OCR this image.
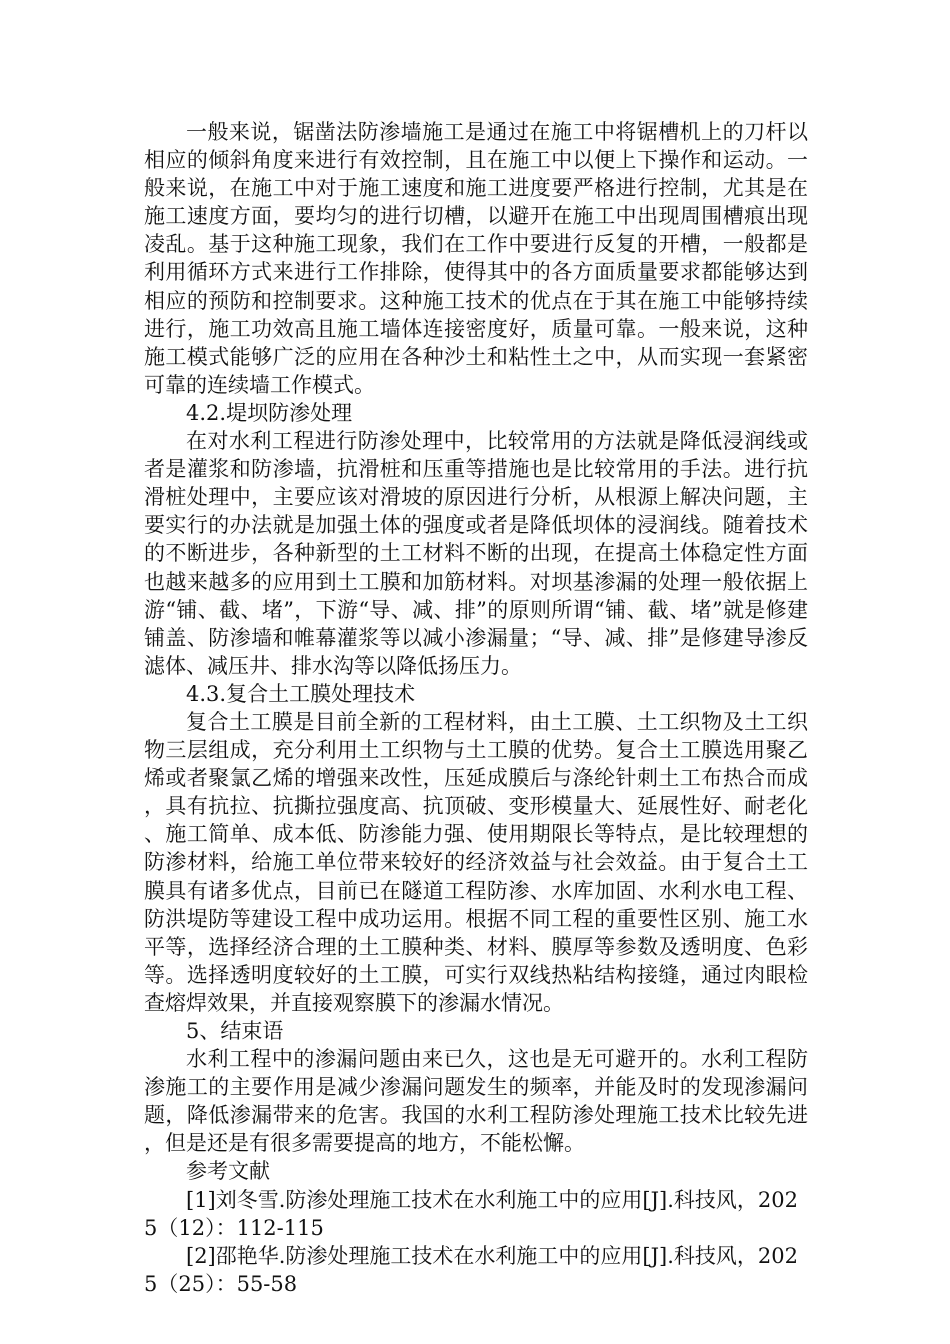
一般来说，锯凿法防渗墙施工是通过在施工中将锯槽机上的刀杆以相应的倾斜角度来进行有效控制，且在施工中以便上下操作和运动。一般来说，在施工中对于施工速度和施工进度要严格进行控制，尤其是在施工速度方面，要均匀的进行切槽，以避开在施工中出现周围槽痕出现凌乱。基于这种施工现象，我们在工作中要进行反复的开槽，一般都是利用循环方式来进行工作排除，使得其中的各方面质量要求都能够达到相应的预防和控制要求。这种施工技术的优点在于其在施工中能够持续进行，施工功效高且施工墙体连接密度好，质量可靠。一般来说，这种施工模式能够广泛的应用在各种沙土和粘性土之中，从而实现一套紧密可靠的连续墙工作模式。

4.2.堤坝防渗处理

在对水利工程进行防渗处理中，比较常用的方法就是降低浸润线或者是灌浆和防渗墙，抗滑桩和压重等措施也是比较常用的手法。进行抗滑桩处理中，主要应该对滑坡的原因进行分析，从根源上解决问题，主要实行的办法就是加强土体的强度或者是降低坝体的浸润线。随着技术的不断进步，各种新型的土工材料不断的出现，在提高土体稳定性方面也越来越多的应用到土工膜和加筋材料。对坝基渗漏的处理一般依据上游“铺、截、堵”，下游“导、减、排”的原则所谓“铺、截、堵”就是修建铺盖、防渗墙和帷幕灌浆等以减小渗漏量；“导、减、排”是修建导渗反滤体、减压井、排水沟等以降低扬压力。

4.3.复合土工膜处理技术

复合土工膜是目前全新的工程材料，由土工膜、土工织物及土工织物三层组成，充分利用土工织物与土工膜的优势。复合土工膜选用聚乙烯或者聚氯乙烯的增强来改性，压延成膜后与涤纶针刺土工布热合而成，具有抗拉、抗撕拉强度高、抗顶破、变形模量大、延展性好、耐老化、施工简单、成本低、防渗能力强、使用期限长等特点，是比较理想的防渗材料，给施工单位带来较好的经济效益与社会效益。由于复合土工膜具有诸多优点，目前已在隧道工程防渗、水库加固、水利水电工程、防洪堤防等建设工程中成功运用。根据不同工程的重要性区别、施工水平等，选择经济合理的土工膜种类、材料、膜厚等参数及透明度、色彩等。选择透明度较好的土工膜，可实行双线热粘结构接缝，通过肉眼检查熔焊效果，并直接观察膜下的渗漏水情况。

5、结束语

水利工程中的渗漏问题由来已久，这也是无可避开的。水利工程防渗施工的主要作用是减少渗漏问题发生的频率，并能及时的发现渗漏问题，降低渗漏带来的危害。我国的水利工程防渗处理施工技术比较先进，但是还是有很多需要提高的地方，不能松懈。

参考文献

[1]刘冬雪.防渗处理施工技术在水利施工中的应用[J].科技风，2025（12）：112-115

[2]邵艳华.防渗处理施工技术在水利施工中的应用[J].科技风，2025（25）：55-58
